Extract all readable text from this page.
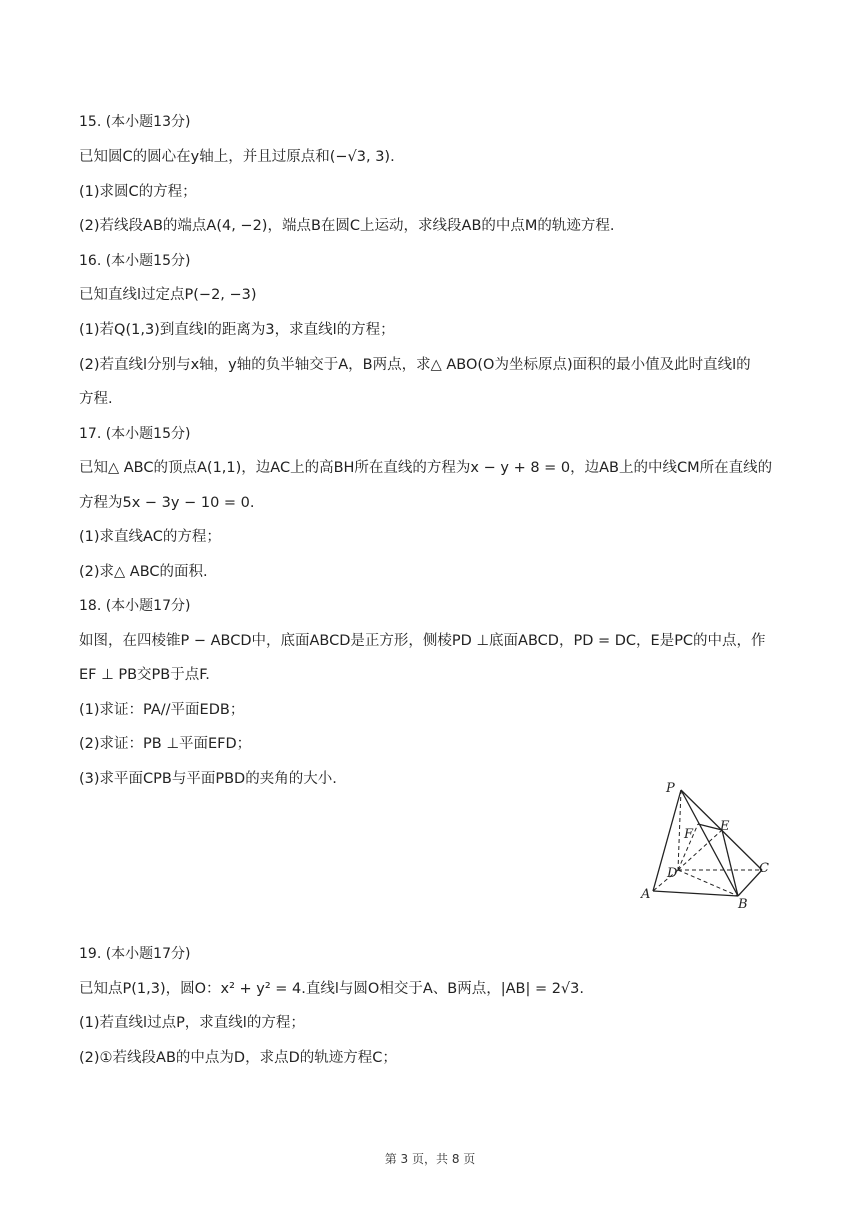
15. (本小题13分)
已知圆C的圆心在y轴上，并且过原点和(−√3, 3).
(1)求圆C的方程；
(2)若线段AB的端点A(4, −2)，端点B在圆C上运动，求线段AB的中点M的轨迹方程.
16. (本小题15分)
已知直线l过定点P(−2, −3)
(1)若Q(1,3)到直线l的距离为3，求直线l的方程；
(2)若直线l分别与x轴，y轴的负半轴交于A，B两点，求△ ABO(O为坐标原点)面积的最小值及此时直线l的
方程.
17. (本小题15分)
已知△ ABC的顶点A(1,1)，边AC上的高BH所在直线的方程为x − y + 8 = 0，边AB上的中线CM所在直线的
方程为5x − 3y − 10 = 0.
(1)求直线AC的方程；
(2)求△ ABC的面积.
18. (本小题17分)
如图，在四棱锥P − ABCD中，底面ABCD是正方形，侧棱PD ⊥底面ABCD，PD = DC，E是PC的中点，作
EF ⊥ PB交PB于点F.
(1)求证：PA//平面EDB；
(2)求证：PB ⊥平面EFD；
(3)求平面CPB与平面PBD的夹角的大小.
P
F
E
D	C
A
B
19. (本小题17分)
已知点P(1,3)，圆O：x² + y² = 4.直线l与圆O相交于A、B两点，|AB| = 2√3.
(1)若直线l过点P，求直线l的方程；
(2)①若线段AB的中点为D，求点D的轨迹方程C；
第 3 页，共 8 页
